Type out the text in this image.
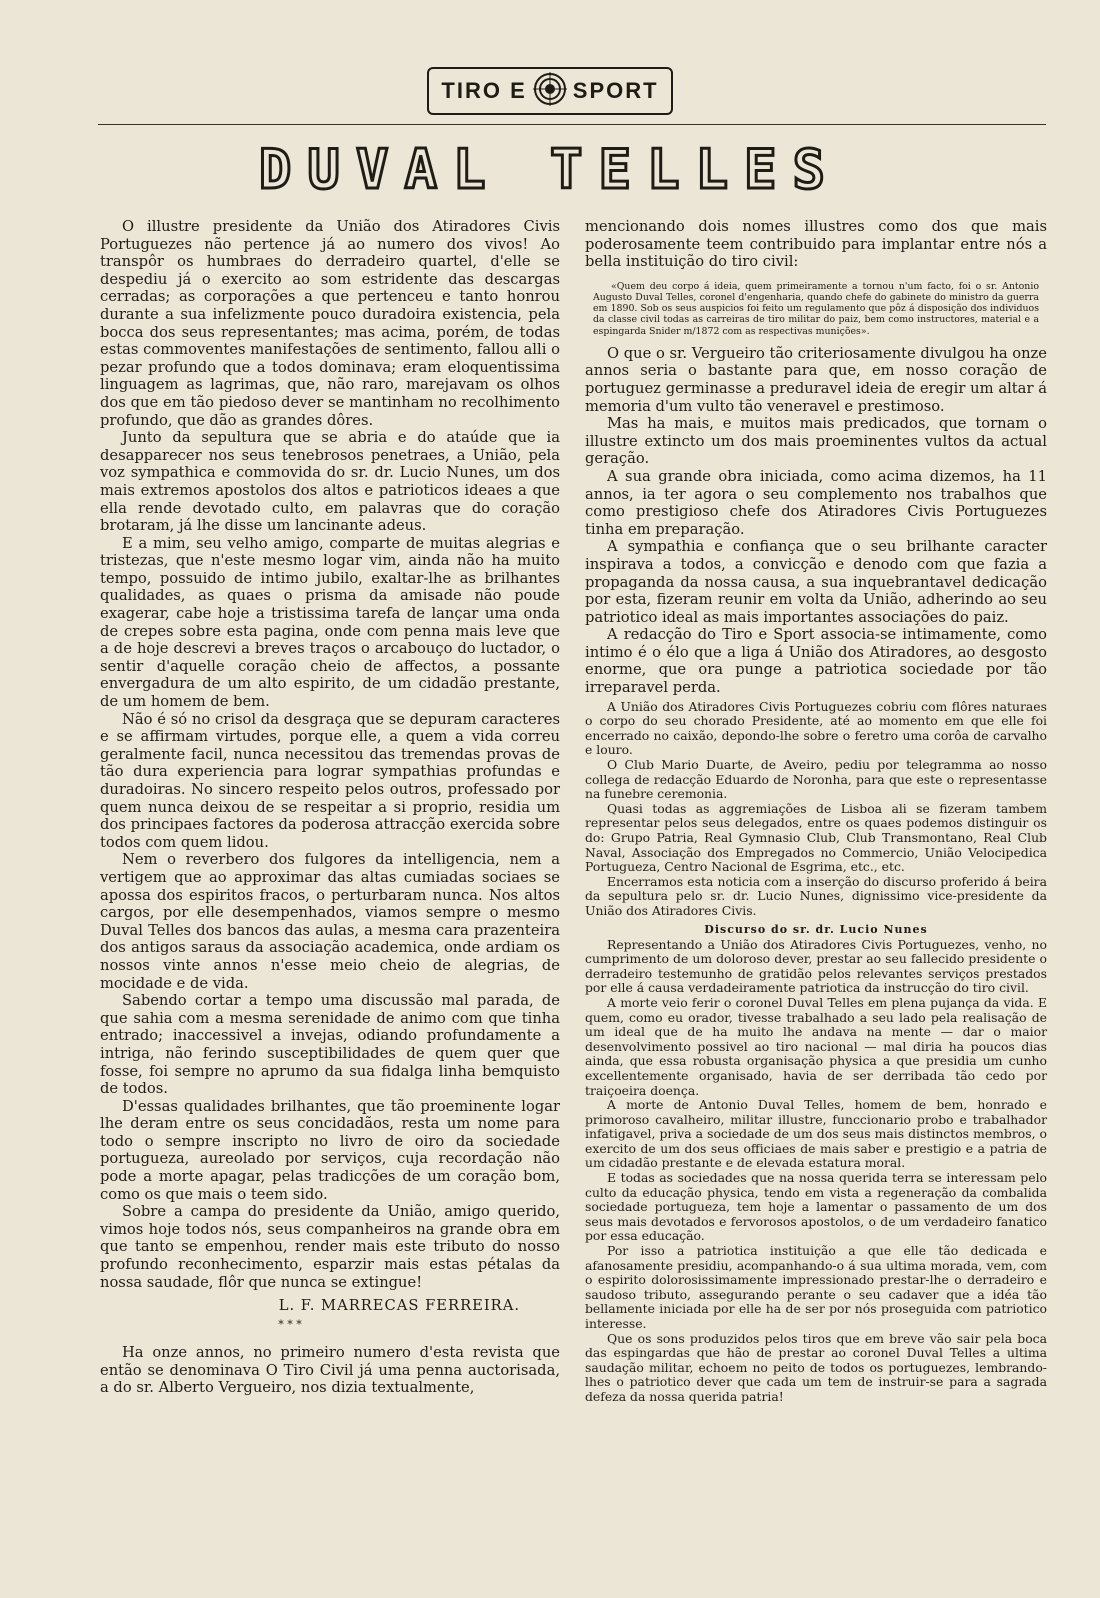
TIRO E SPORT
DUVAL TELLES

O illustre presidente da União dos Atiradores Civis Portuguezes não pertence já ao numero dos vivos! Ao transpôr os humbraes do derradeiro quartel, d'elle se despediu já o exercito ao som estridente das descargas cerradas; as corporações a que pertenceu e tanto honrou durante a sua infelizmente pouco duradoira existencia, pela bocca dos seus representantes; mas acima, porém, de todas estas commoventes manifestações de sentimento, fallou alli o pezar profundo que a todos dominava; eram eloquentissima linguagem as lagrimas, que, não raro, marejavam os olhos dos que em tão piedoso dever se mantinham no recolhimento profundo, que dão as grandes dôres.

Junto da sepultura que se abria e do ataúde que ia desapparecer nos seus tenebrosos penetraes, a União, pela voz sympathica e commovida do sr. dr. Lucio Nunes, um dos mais extremos apostolos dos altos e patrioticos ideaes a que ella rende devotado culto, em palavras que do coração brotaram, já lhe disse um lancinante adeus.

E a mim, seu velho amigo, comparte de muitas alegrias e tristezas, que n'este mesmo logar vim, ainda não ha muito tempo, possuido de intimo jubilo, exaltar-lhe as brilhantes qualidades, as quaes o prisma da amisade não poude exagerar, cabe hoje a tristissima tarefa de lançar uma onda de crepes sobre esta pagina, onde com penna mais leve que a de hoje descrevi a breves traços o arcabouço do luctador, o sentir d'aquelle coração cheio de affectos, a possante envergadura de um alto espirito, de um cidadão prestante, de um homem de bem.

Não é só no crisol da desgraça que se depuram caracteres e se affirmam virtudes, porque elle, a quem a vida correu geralmente facil, nunca necessitou das tremendas provas de tão dura experiencia para lograr sympathias profundas e duradoiras. No sincero respeito pelos outros, professado por quem nunca deixou de se respeitar a si proprio, residia um dos principaes factores da poderosa attracção exercida sobre todos com quem lidou.

Nem o reverbero dos fulgores da intelligencia, nem a vertigem que ao approximar das altas cumiadas sociaes se apossa dos espiritos fracos, o perturbaram nunca. Nos altos cargos, por elle desempenhados, viamos sempre o mesmo Duval Telles dos bancos das aulas, a mesma cara prazenteira dos antigos saraus da associação academica, onde ardiam os nossos vinte annos n'esse meio cheio de alegrias, de mocidade e de vida.

Sabendo cortar a tempo uma discussão mal parada, de que sahia com a mesma serenidade de animo com que tinha entrado; inaccessivel a invejas, odiando profundamente a intriga, não ferindo susceptibilidades de quem quer que fosse, foi sempre no aprumo da sua fidalga linha bemquisto de todos.

D'essas qualidades brilhantes, que tão proeminente logar lhe deram entre os seus concidadãos, resta um nome para todo o sempre inscripto no livro de oiro da sociedade portugueza, aureolado por serviços, cuja recordação não pode a morte apagar, pelas tradicções de um coração bom, como os que mais o teem sido.

Sobre a campa do presidente da União, amigo querido, vimos hoje todos nós, seus companheiros na grande obra em que tanto se empenhou, render mais este tributo do nosso profundo reconhecimento, esparzir mais estas pétalas da nossa saudade, flôr que nunca se extingue!

L. F. MARRECAS FERREIRA.
* * *

Ha onze annos, no primeiro numero d'esta revista que então se denominava O Tiro Civil já uma penna auctorisada, a do sr. Alberto Vergueiro, nos dizia textualmente,

mencionando dois nomes illustres como dos que mais poderosamente teem contribuido para implantar entre nós a bella instituição do tiro civil:

«Quem deu corpo á ideia, quem primeiramente a tornou n'um facto, foi o sr. Antonio Augusto Duval Telles, coronel d'engenharia, quando chefe do gabinete do ministro da guerra em 1890. Sob os seus auspicios foi feito um regulamento que pôz á disposição dos individuos da classe civil todas as carreiras de tiro militar do paiz, bem como instructores, material e a espingarda Snider m/1872 com as respectivas munições».

O que o sr. Vergueiro tão criteriosamente divulgou ha onze annos seria o bastante para que, em nosso coração de portuguez germinasse a preduravel ideia de eregir um altar á memoria d'um vulto tão veneravel e prestimoso.

Mas ha mais, e muitos mais predicados, que tornam o illustre extincto um dos mais proeminentes vultos da actual geração.

A sua grande obra iniciada, como acima dizemos, ha 11 annos, ia ter agora o seu complemento nos trabalhos que como prestigioso chefe dos Atiradores Civis Portuguezes tinha em preparação.

A sympathia e confiança que o seu brilhante caracter inspirava a todos, a convicção e denodo com que fazia a propaganda da nossa causa, a sua inquebrantavel dedicação por esta, fizeram reunir em volta da União, adherindo ao seu patriotico ideal as mais importantes associações do paiz.

A redacção do Tiro e Sport associa-se intimamente, como intimo é o élo que a liga á União dos Atiradores, ao desgosto enorme, que ora punge a patriotica sociedade por tão irreparavel perda.

A União dos Atiradores Civis Portuguezes cobriu com flôres naturaes o corpo do seu chorado Presidente, até ao momento em que elle foi encerrado no caixão, depondo-lhe sobre o feretro uma corôa de carvalho e louro.

O Club Mario Duarte, de Aveiro, pediu por telegramma ao nosso collega de redacção Eduardo de Noronha, para que este o representasse na funebre ceremonia.

Quasi todas as aggremiações de Lisboa ali se fizeram tambem representar pelos seus delegados, entre os quaes podemos distinguir os do: Grupo Patria, Real Gymnasio Club, Club Transmontano, Real Club Naval, Associação dos Empregados no Commercio, União Velocipedica Portugueza, Centro Nacional de Esgrima, etc., etc.

Encerramos esta noticia com a inserção do discurso proferido á beira da sepultura pelo sr. dr. Lucio Nunes, dignissimo vice-presidente da União dos Atiradores Civis.

Discurso do sr. dr. Lucio Nunes

Representando a União dos Atiradores Civis Portuguezes, venho, no cumprimento de um doloroso dever, prestar ao seu fallecido presidente o derradeiro testemunho de gratidão pelos relevantes serviços prestados por elle á causa verdadeiramente patriotica da instrucção do tiro civil.

A morte veio ferir o coronel Duval Telles em plena pujança da vida. E quem, como eu orador, tivesse trabalhado a seu lado pela realisação de um ideal que de ha muito lhe andava na mente — dar o maior desenvolvimento possivel ao tiro nacional — mal diria ha poucos dias ainda, que essa robusta organisação physica a que presidia um cunho excellentemente organisado, havia de ser derribada tão cedo por traiçoeira doença.

A morte de Antonio Duval Telles, homem de bem, honrado e primoroso cavalheiro, militar illustre, funccionario probo e trabalhador infatigavel, priva a sociedade de um dos seus mais distinctos membros, o exercito de um dos seus officiaes de mais saber e prestigio e a patria de um cidadão prestante e de elevada estatura moral.

E todas as sociedades que na nossa querida terra se interessam pelo culto da educação physica, tendo em vista a regeneração da combalida sociedade portugueza, tem hoje a lamentar o passamento de um dos seus mais devotados e fervorosos apostolos, o de um verdadeiro fanatico por essa educação.

Por isso a patriotica instituição a que elle tão dedicada e afanosamente presidiu, acompanhando-o á sua ultima morada, vem, com o espirito dolorosissimamente impressionado prestar-lhe o derradeiro e saudoso tributo, assegurando perante o seu cadaver que a idéa tão bellamente iniciada por elle ha de ser por nós proseguida com patriotico interesse.

Que os sons produzidos pelos tiros que em breve vão sair pela boca das espingardas que hão de prestar ao coronel Duval Telles a ultima saudação militar, echoem no peito de todos os portuguezes, lembrando-lhes o patriotico dever que cada um tem de instruir-se para a sagrada defeza da nossa querida patria!
